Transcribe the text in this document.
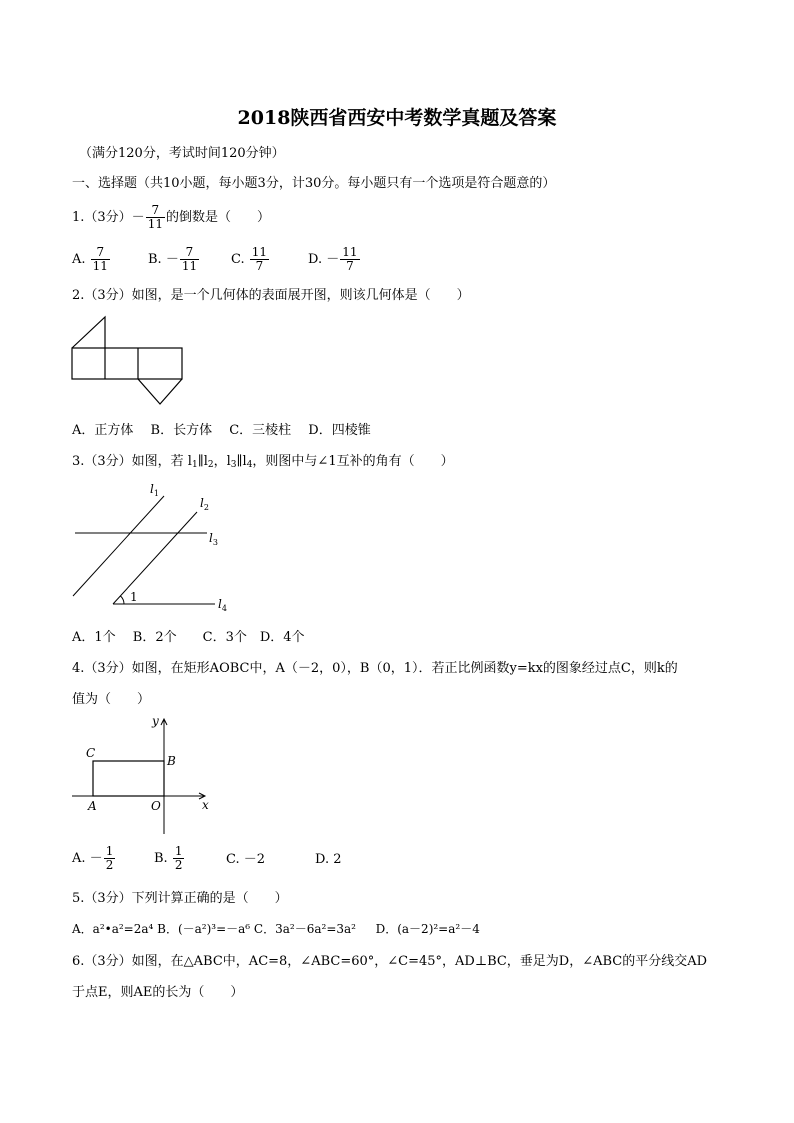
2018陕西省西安中考数学真题及答案
（满分120分，考试时间120分钟）
一、选择题（共10小题，每小题3分，计30分。每小题只有一个选项是符合题意的）
1.（3分）－ $\frac{7}{11}$ 的倒数是（　　）
A. $\frac{7}{11}$	B. － $\frac{7}{11} C$. $\frac{11}{7}$	D. － $\frac{11}{7}$
2.（3分）如图，是一个几何体的表面展开图，则该几何体是（　　）
A．正方体　 B．长方体　 C．三棱柱　 D．四棱锥
3.（3分）如图，若 $l_1\parallel l_2$，$l_3\parallel l_4$，则图中与∠1互补的角有（　　）
$l_1$
$l_2$
$l_3$
$l_4$
1
A．1个　 B．2个　　C．3个　D．4个
4.（3分）如图，在矩形AOBC中，A（－2，0），B（0，1）．若正比例函数y=kx的图象经过点C，则k的
值为（　　）
y
x
C
B
A	O
A. － $\frac{1}{2}$	B. $\frac{1}{2}$	C. －2	D. 2
5.（3分）下列计算正确的是（　　）
A．a²•a²=2a⁴ B．(－a²)³=－a⁶ C．3a²－6a²=3a² 　 D．(a－2)²=a²－4
6.（3分）如图，在△ABC中，AC=8，∠ABC=60°，∠C=45°，AD⊥BC，垂足为D，∠ABC的平分线交AD
于点E，则AE的长为（　　）
